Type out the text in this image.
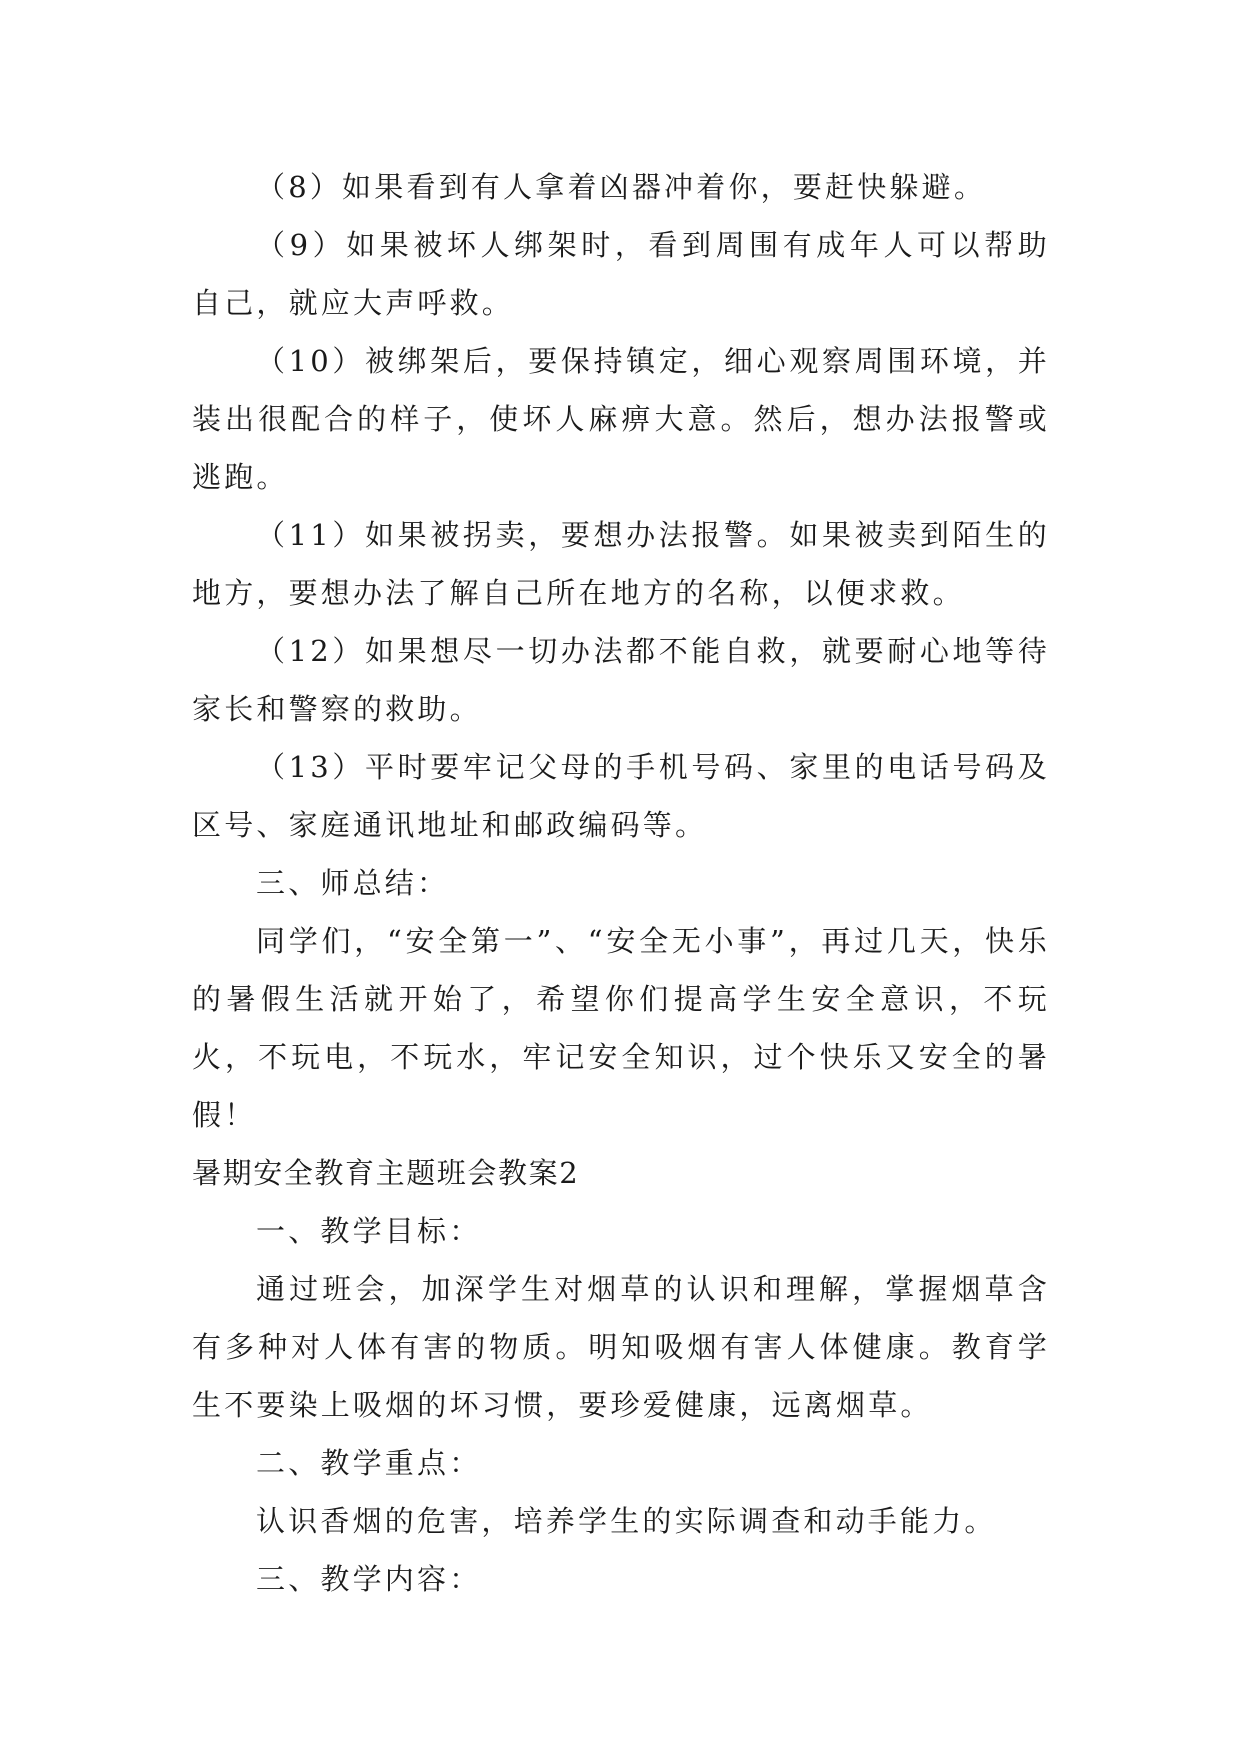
（8）如果看到有人拿着凶器冲着你，要赶快躲避。

（9）如果被坏人绑架时，看到周围有成年人可以帮助自己，就应大声呼救。

（10）被绑架后，要保持镇定，细心观察周围环境，并装出很配合的样子，使坏人麻痹大意。然后，想办法报警或逃跑。

（11）如果被拐卖，要想办法报警。如果被卖到陌生的地方，要想办法了解自己所在地方的名称，以便求救。

（12）如果想尽一切办法都不能自救，就要耐心地等待家长和警察的救助。

（13）平时要牢记父母的手机号码、家里的电话号码及区号、家庭通讯地址和邮政编码等。

三、师总结：

同学们，“安全第一”、“安全无小事”，再过几天，快乐的暑假生活就开始了，希望你们提高学生安全意识，不玩火，不玩电，不玩水，牢记安全知识，过个快乐又安全的暑假！

暑期安全教育主题班会教案2

一、教学目标：

通过班会，加深学生对烟草的认识和理解，掌握烟草含有多种对人体有害的物质。明知吸烟有害人体健康。教育学生不要染上吸烟的坏习惯，要珍爱健康，远离烟草。

二、教学重点：

认识香烟的危害，培养学生的实际调查和动手能力。

三、教学内容：
